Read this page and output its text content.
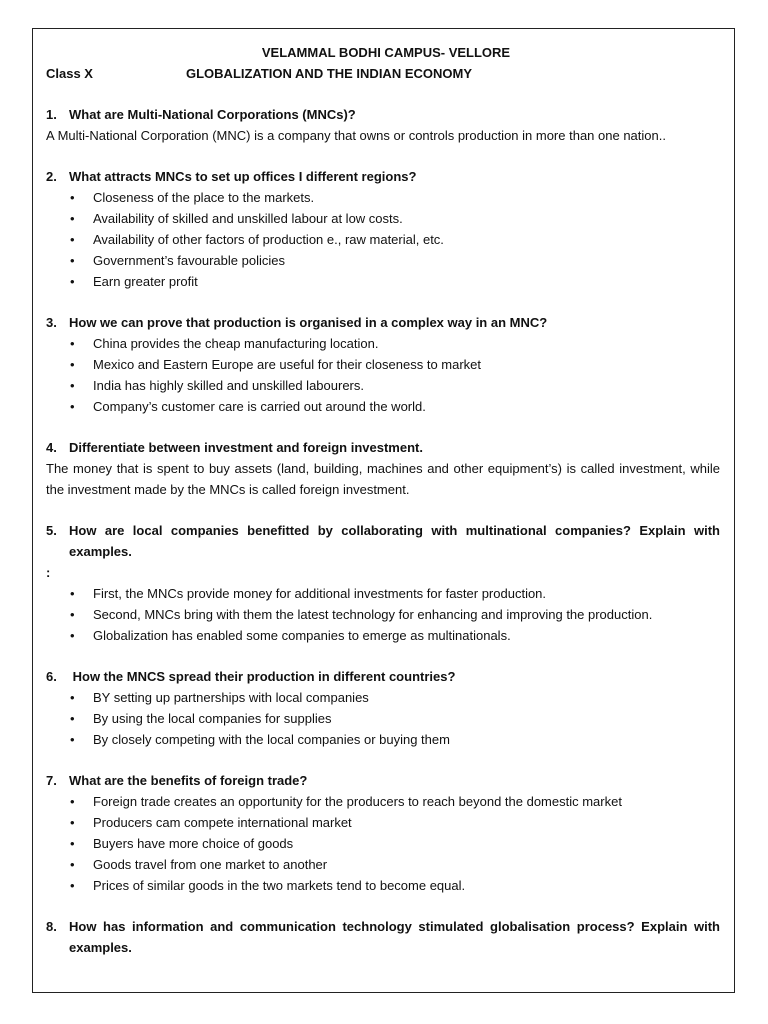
VELAMMAL BODHI CAMPUS- VELLORE
Class X	GLOBALIZATION AND THE INDIAN ECONOMY
1. What are Multi-National Corporations (MNCs)?
A Multi-National Corporation (MNC) is a company that owns or controls production in more than one nation..
2. What attracts MNCs to set up offices I different regions?
• Closeness of the place to the markets.
• Availability of skilled and unskilled labour at low costs.
• Availability of other factors of production e., raw material, etc.
• Government’s favourable policies
• Earn greater profit
3. How we can prove that production is organised in a complex way in an MNC?
• China provides the cheap manufacturing location.
• Mexico and Eastern Europe are useful for their closeness to market
• India has highly skilled and unskilled labourers.
• Company’s customer care is carried out around the world.
4. Differentiate between investment and foreign investment.
The money that is spent to buy assets (land, building, machines and other equipment’s) is called investment, while the investment made by the MNCs is called foreign investment.
5. How are local companies benefitted by collaborating with multinational companies? Explain with examples.
:
• First, the MNCs provide money for additional investments for faster production.
• Second, MNCs bring with them the latest technology for enhancing and improving the production.
• Globalization has enabled some companies to emerge as multinationals.
6. How the MNCS spread their production in different countries?
• BY setting up partnerships with local companies
• By using the local companies for supplies
• By closely competing with the local companies or buying them
7. What are the benefits of foreign trade?
• Foreign trade creates an opportunity for the producers to reach beyond the domestic market
• Producers cam compete international market
• Buyers have more choice of goods
• Goods travel from one market to another
• Prices of similar goods in the two markets tend to become equal.
8. How has information and communication technology stimulated globalisation process? Explain with examples.
